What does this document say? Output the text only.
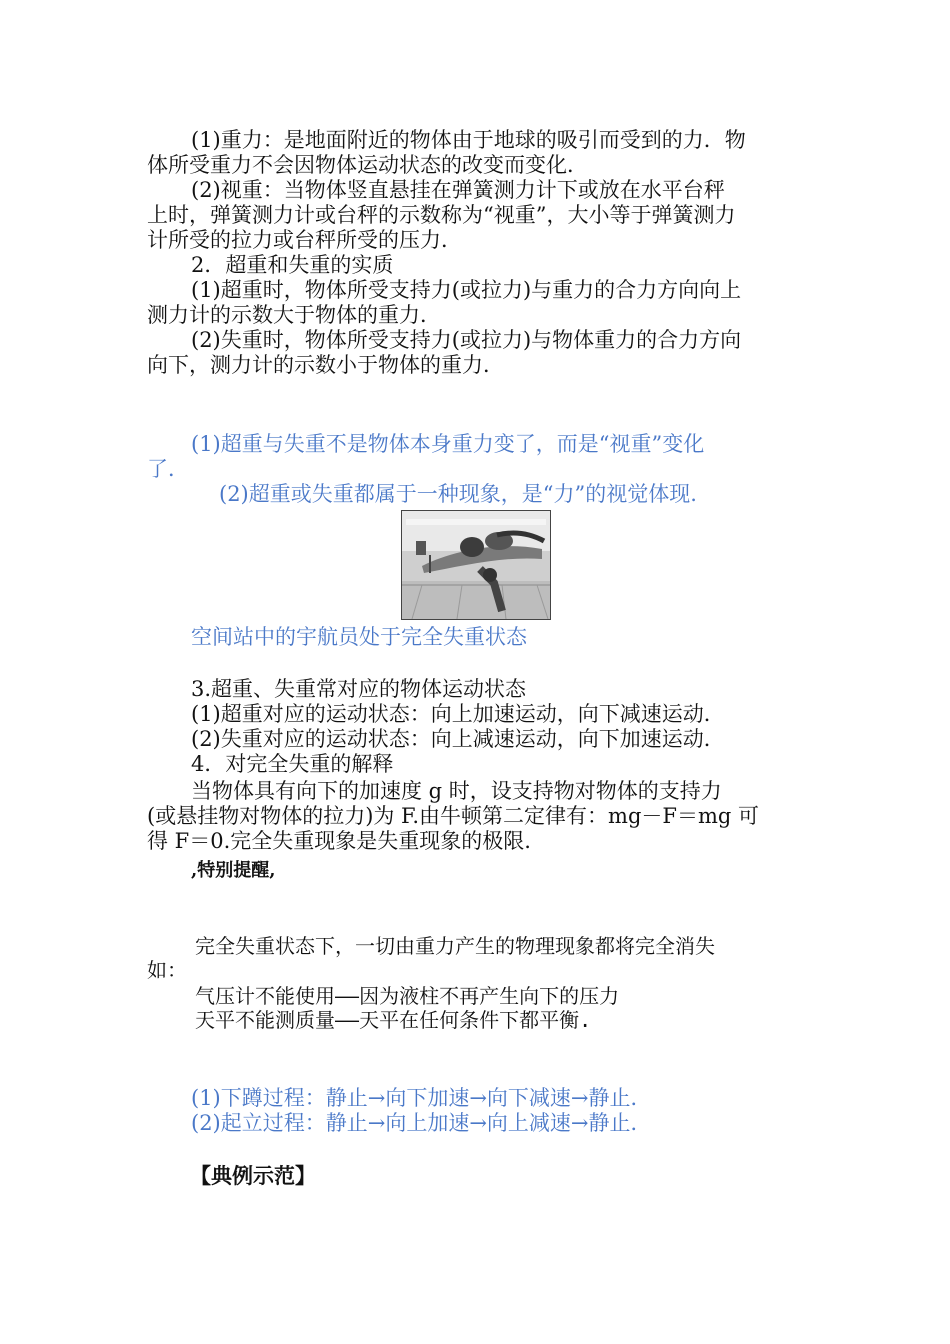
(1)重力：是地面附近的物体由于地球的吸引而受到的力．物

体所受重力不会因物体运动状态的改变而变化．

(2)视重：当物体竖直悬挂在弹簧测力计下或放在水平台秤

上时，弹簧测力计或台秤的示数称为“视重”，大小等于弹簧测力

计所受的拉力或台秤所受的压力．

2．超重和失重的实质

(1)超重时，物体所受支持力(或拉力)与重力的合力方向向上

测力计的示数大于物体的重力．

(2)失重时，物体所受支持力(或拉力)与物体重力的合力方向

向下，测力计的示数小于物体的重力．

(1)超重与失重不是物体本身重力变了，而是“视重”变化

了．

(2)超重或失重都属于一种现象，是“力”的视觉体现.

空间站中的宇航员处于完全失重状态

3.超重、失重常对应的物体运动状态

(1)超重对应的运动状态：向上加速运动，向下减速运动．

(2)失重对应的运动状态：向上减速运动，向下加速运动．

4．对完全失重的解释

当物体具有向下的加速度 g 时，设支持物对物体的支持力

(或悬挂物对物体的拉力)为 F.由牛顿第二定律有：mg－F＝mg 可

得 F＝0.完全失重现象是失重现象的极限.

,特别提醒,

完全失重状态下，一切由重力产生的物理现象都将完全消失

如：

气压计不能使用——因为液柱不再产生向下的压力

天平不能测质量——天平在任何条件下都平衡.

(1)下蹲过程：静止→向下加速→向下减速→静止．

(2)起立过程：静止→向上加速→向上减速→静止．

【典例示范】
